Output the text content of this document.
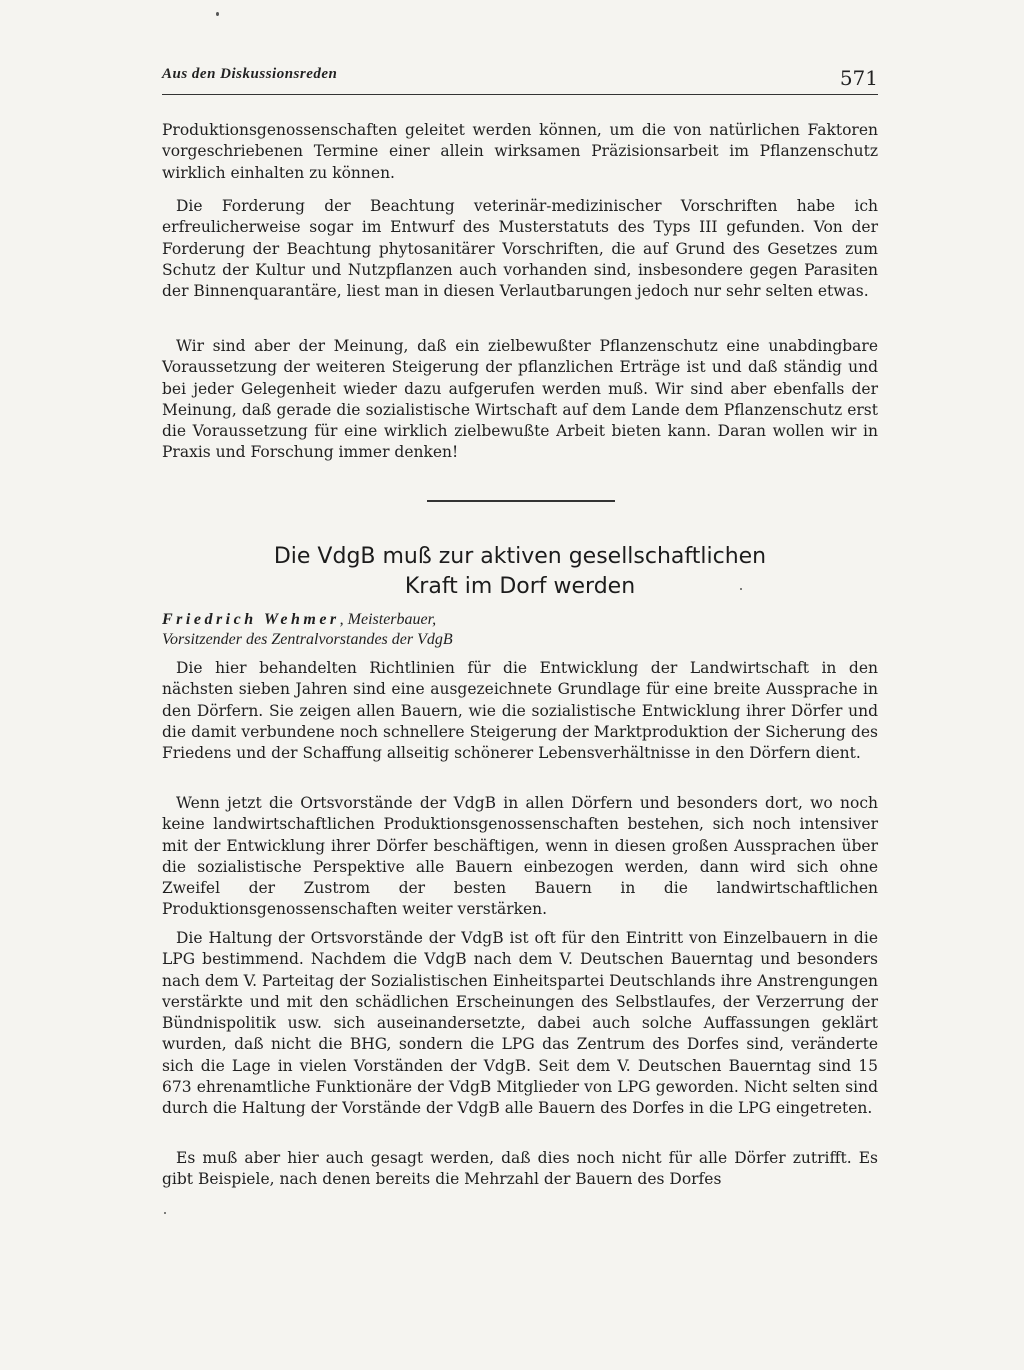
Aus den Diskussionsreden	571

Produktionsgenossenschaften geleitet werden können, um die von natürlichen Faktoren vorgeschriebenen Termine einer allein wirksamen Präzisionsarbeit im Pflanzenschutz wirklich einhalten zu können.

Die Forderung der Beachtung veterinär-medizinischer Vorschriften habe ich erfreulicherweise sogar im Entwurf des Musterstatuts des Typs III gefunden. Von der Forderung der Beachtung phytosanitärer Vorschriften, die auf Grund des Gesetzes zum Schutz der Kultur und Nutzpflanzen auch vorhanden sind, insbesondere gegen Parasiten der Binnenquarantäre, liest man in diesen Verlautbarungen jedoch nur sehr selten etwas.

Wir sind aber der Meinung, daß ein zielbewußter Pflanzenschutz eine unabdingbare Voraussetzung der weiteren Steigerung der pflanzlichen Erträge ist und daß ständig und bei jeder Gelegenheit wieder dazu aufgerufen werden muß. Wir sind aber ebenfalls der Meinung, daß gerade die sozialistische Wirtschaft auf dem Lande dem Pflanzenschutz erst die Voraussetzung für eine wirklich zielbewußte Arbeit bieten kann. Daran wollen wir in Praxis und Forschung immer denken!

Die VdgB muß zur aktiven gesellschaftlichen
Kraft im Dorf werden
Friedrich Wehmer, Meisterbauer,
Vorsitzender des Zentralvorstandes der VdgB

Die hier behandelten Richtlinien für die Entwicklung der Landwirtschaft in den nächsten sieben Jahren sind eine ausgezeichnete Grundlage für eine breite Aussprache in den Dörfern. Sie zeigen allen Bauern, wie die sozialistische Entwicklung ihrer Dörfer und die damit verbundene noch schnellere Steigerung der Marktproduktion der Sicherung des Friedens und der Schaffung allseitig schönerer Lebensverhältnisse in den Dörfern dient.

Wenn jetzt die Ortsvorstände der VdgB in allen Dörfern und besonders dort, wo noch keine landwirtschaftlichen Produktionsgenossenschaften bestehen, sich noch intensiver mit der Entwicklung ihrer Dörfer beschäftigen, wenn in diesen großen Aussprachen über die sozialistische Perspektive alle Bauern einbezogen werden, dann wird sich ohne Zweifel der Zustrom der besten Bauern in die landwirtschaftlichen Produktionsgenossenschaften weiter verstärken.

Die Haltung der Ortsvorstände der VdgB ist oft für den Eintritt von Einzelbauern in die LPG bestimmend. Nachdem die VdgB nach dem V. Deutschen Bauerntag und besonders nach dem V. Parteitag der Sozialistischen Einheitspartei Deutschlands ihre Anstrengungen verstärkte und mit den schädlichen Erscheinungen des Selbstlaufes, der Verzerrung der Bündnispolitik usw. sich auseinandersetzte, dabei auch solche Auffassungen geklärt wurden, daß nicht die BHG, sondern die LPG das Zentrum des Dorfes sind, veränderte sich die Lage in vielen Vorständen der VdgB. Seit dem V. Deutschen Bauerntag sind 15 673 ehrenamtliche Funktionäre der VdgB Mitglieder von LPG geworden. Nicht selten sind durch die Haltung der Vorstände der VdgB alle Bauern des Dorfes in die LPG eingetreten.

Es muß aber hier auch gesagt werden, daß dies noch nicht für alle Dörfer zutrifft. Es gibt Beispiele, nach denen bereits die Mehrzahl der Bauern des Dorfes
